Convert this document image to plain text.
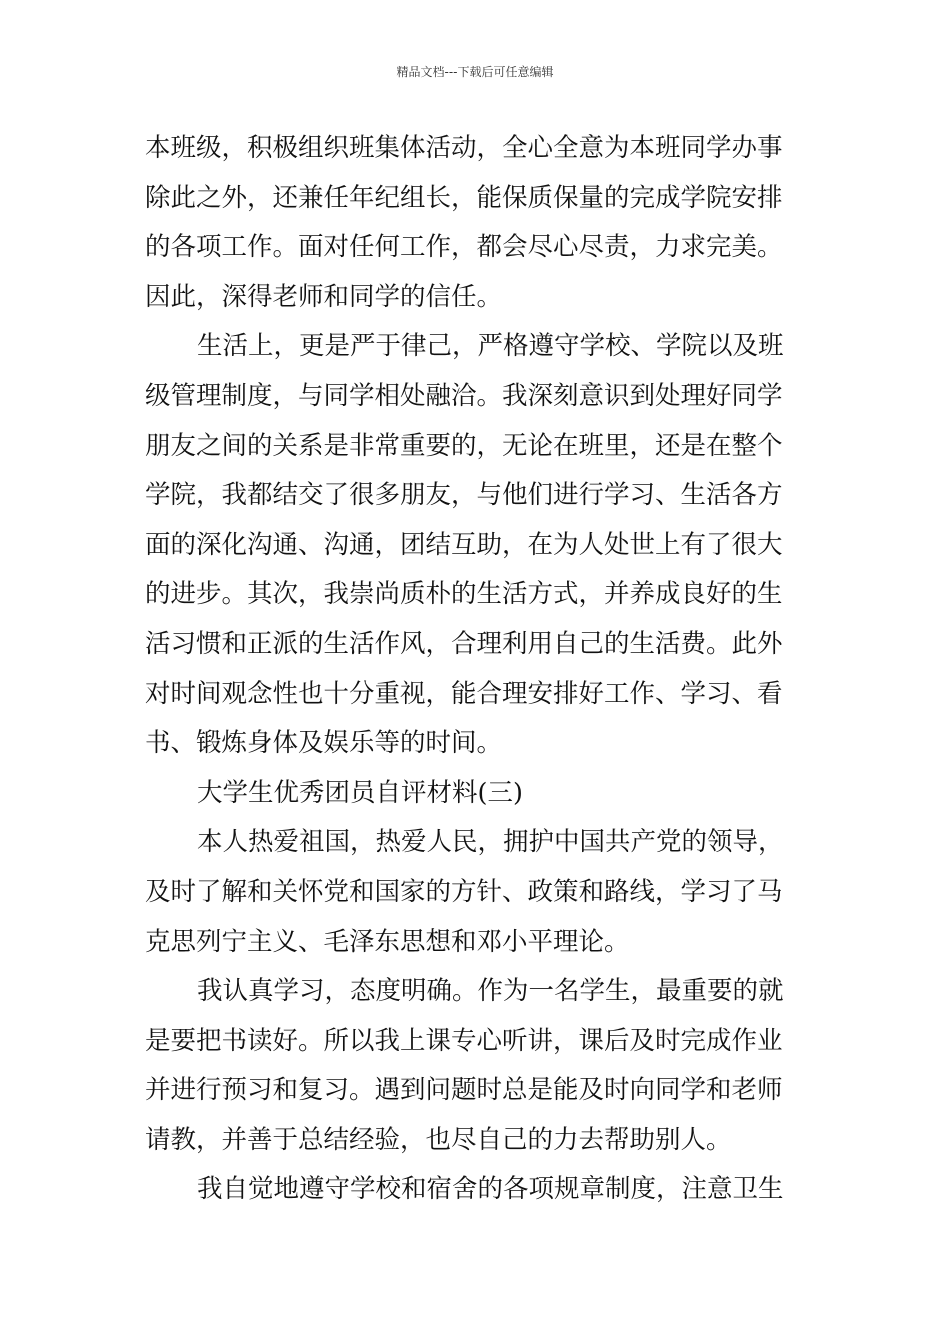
精品文档---下载后可任意编辑
本班级，积极组织班集体活动，全心全意为本班同学办事
除此之外，还兼任年纪组长，能保质保量的完成学院安排
的各项工作。面对任何工作，都会尽心尽责，力求完美。
因此，深得老师和同学的信任。
生活上，更是严于律己，严格遵守学校、学院以及班
级管理制度，与同学相处融洽。我深刻意识到处理好同学
朋友之间的关系是非常重要的，无论在班里，还是在整个
学院，我都结交了很多朋友，与他们进行学习、生活各方
面的深化沟通、沟通，团结互助，在为人处世上有了很大
的进步。其次，我崇尚质朴的生活方式，并养成良好的生
活习惯和正派的生活作风，合理利用自己的生活费。此外
对时间观念性也十分重视，能合理安排好工作、学习、看
书、锻炼身体及娱乐等的时间。
大学生优秀团员自评材料(三)
本人热爱祖国，热爱人民，拥护中国共产党的领导，
及时了解和关怀党和国家的方针、政策和路线，学习了马
克思列宁主义、毛泽东思想和邓小平理论。
我认真学习，态度明确。作为一名学生，最重要的就
是要把书读好。所以我上课专心听讲，课后及时完成作业
并进行预习和复习。遇到问题时总是能及时向同学和老师
请教，并善于总结经验，也尽自己的力去帮助别人。
我自觉地遵守学校和宿舍的各项规章制度，注意卫生
